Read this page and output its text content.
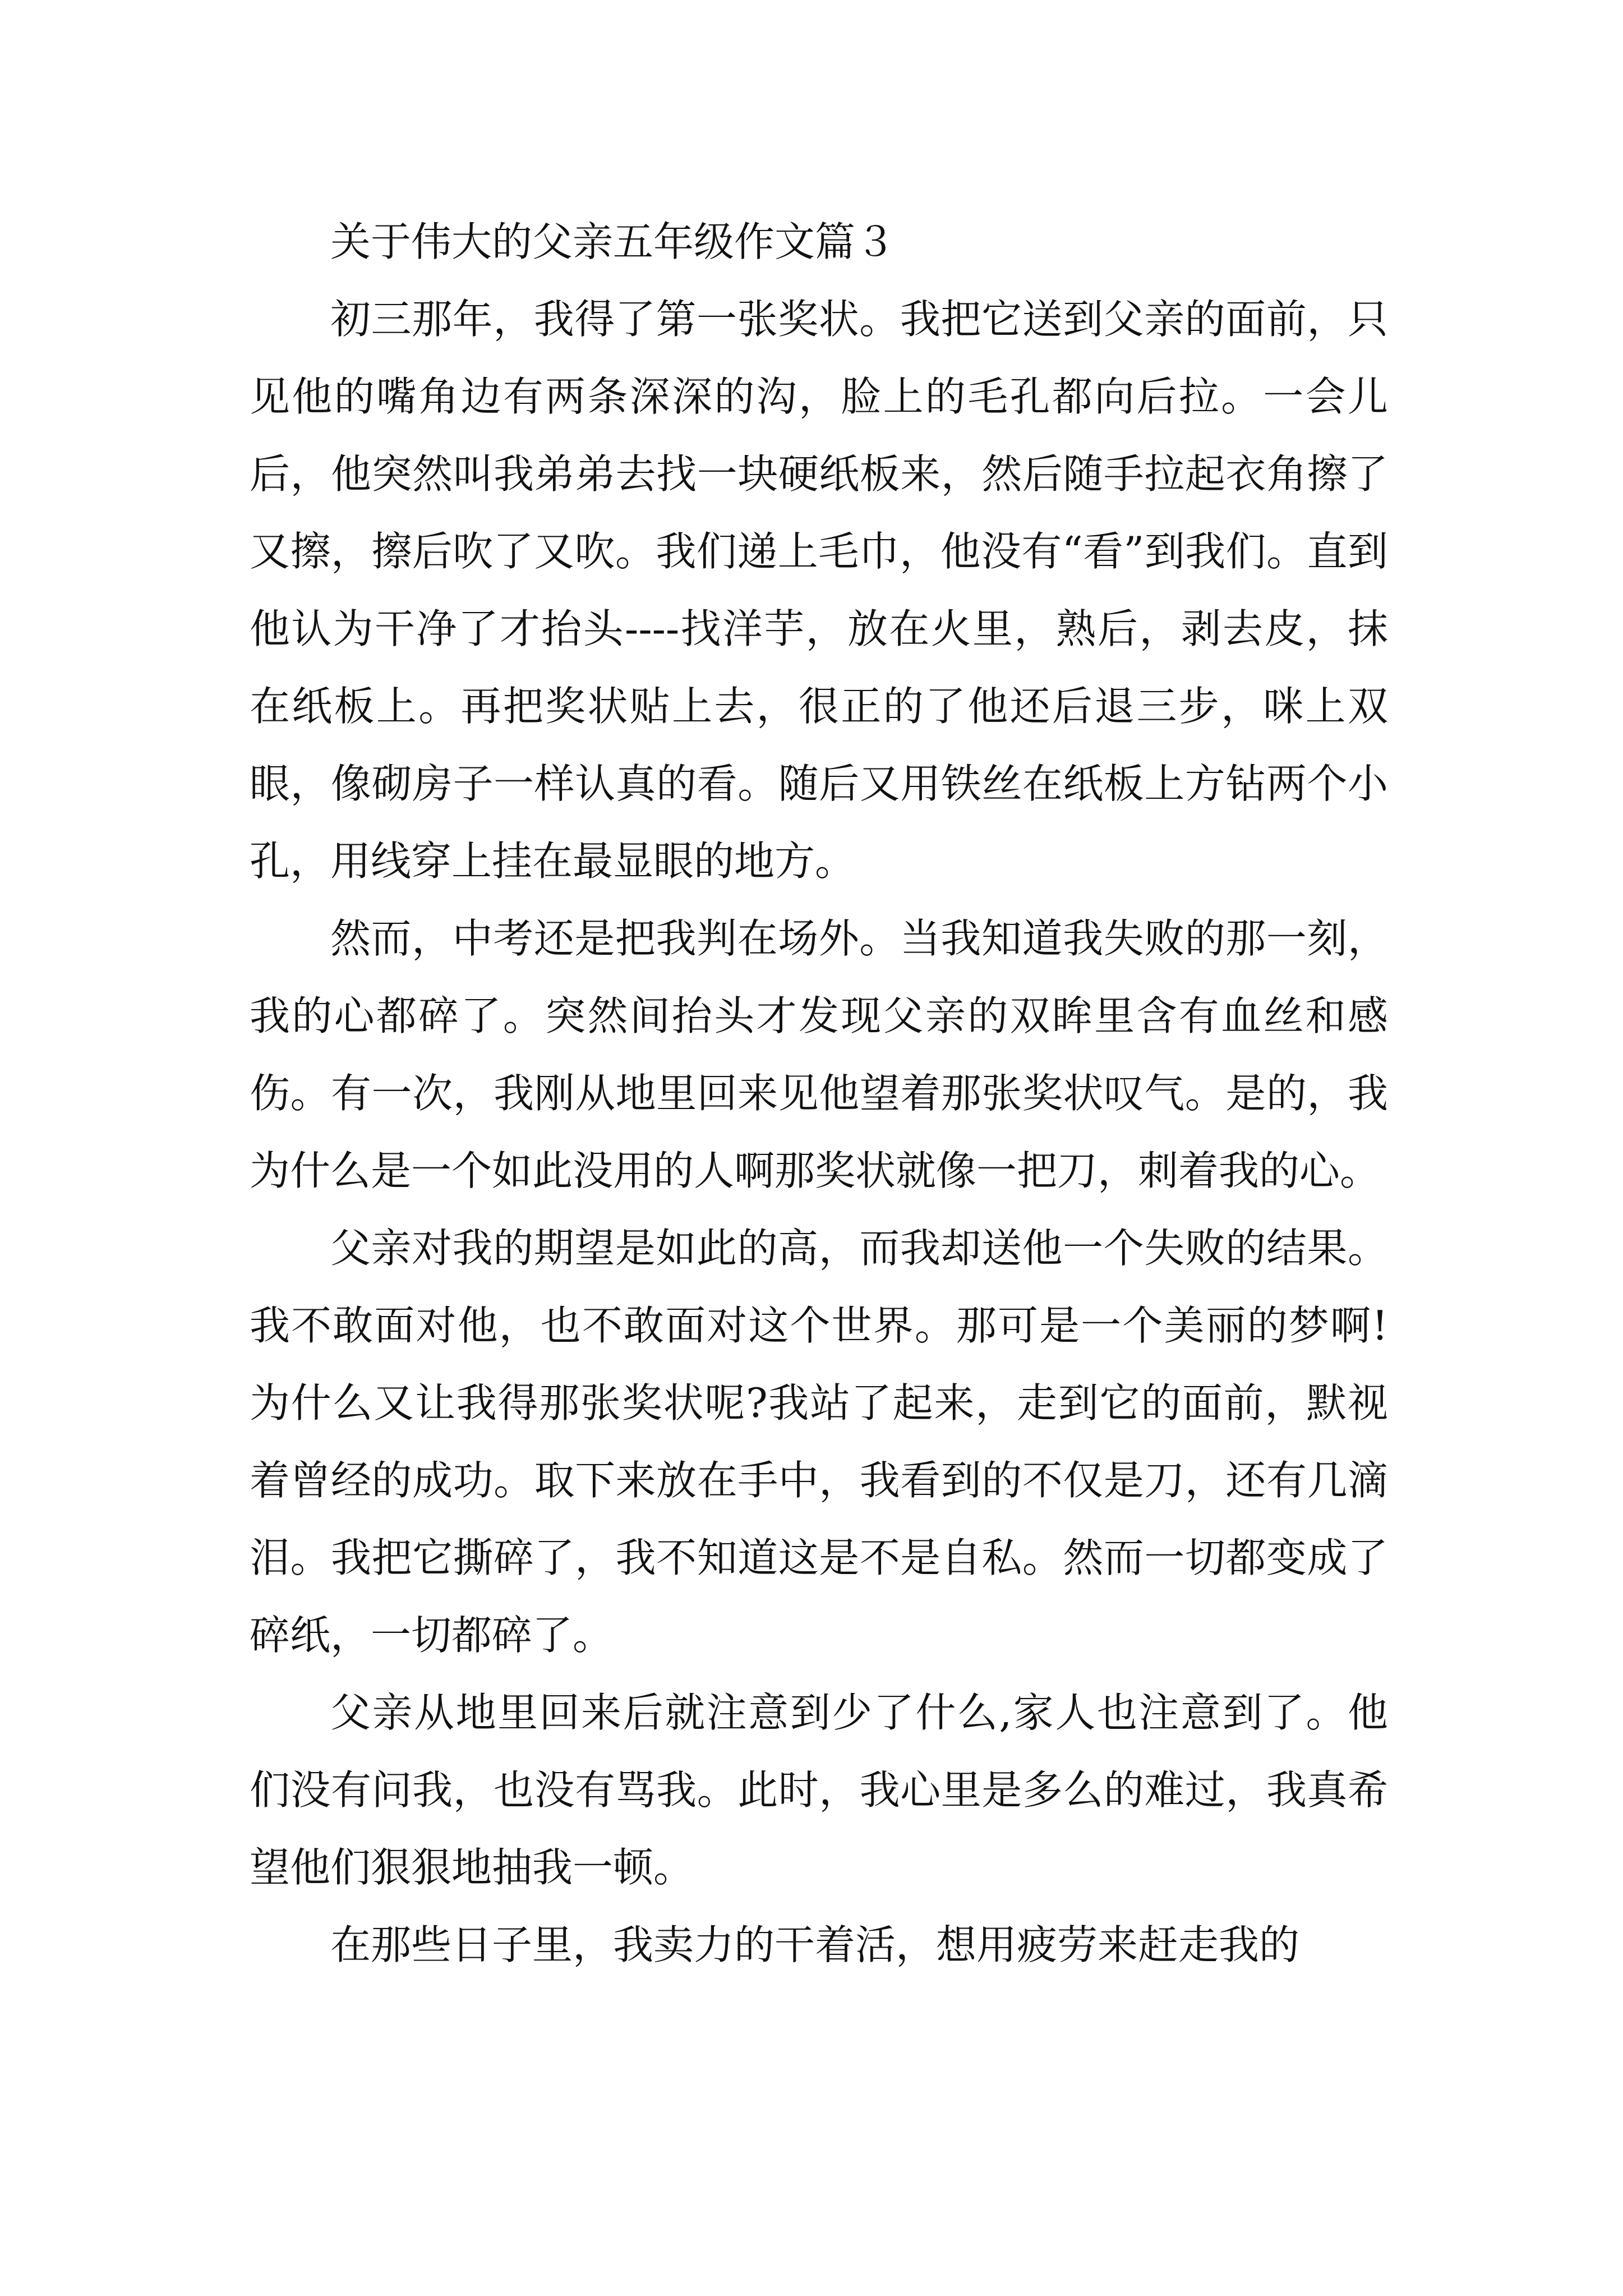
关于伟大的父亲五年级作文篇３

初三那年，我得了第一张奖状。我把它送到父亲的面前，只见他的嘴角边有两条深深的沟，脸上的毛孔都向后拉。一会儿后，他突然叫我弟弟去找一块硬纸板来，然后随手拉起衣角擦了又擦，擦后吹了又吹。我们递上毛巾，他没有“看”到我们。直到他认为干净了才抬头----找洋芋，放在火里，熟后，剥去皮，抹在纸板上。再把奖状贴上去，很正的了他还后退三步，咪上双眼，像砌房子一样认真的看。随后又用铁丝在纸板上方钻两个小孔，用线穿上挂在最显眼的地方。

然而，中考还是把我判在场外。当我知道我失败的那一刻，我的心都碎了。突然间抬头才发现父亲的双眸里含有血丝和感伤。有一次，我刚从地里回来见他望着那张奖状叹气。是的，我为什么是一个如此没用的人啊那奖状就像一把刀，刺着我的心。

父亲对我的期望是如此的高，而我却送他一个失败的结果。我不敢面对他，也不敢面对这个世界。那可是一个美丽的梦啊!为什么又让我得那张奖状呢?我站了起来，走到它的面前，默视着曾经的成功。取下来放在手中，我看到的不仅是刀，还有几滴泪。我把它撕碎了，我不知道这是不是自私。然而一切都变成了碎纸，一切都碎了。

父亲从地里回来后就注意到少了什么,家人也注意到了。他们没有问我，也没有骂我。此时，我心里是多么的难过，我真希望他们狠狠地抽我一顿。

在那些日子里，我卖力的干着活，想用疲劳来赶走我的
